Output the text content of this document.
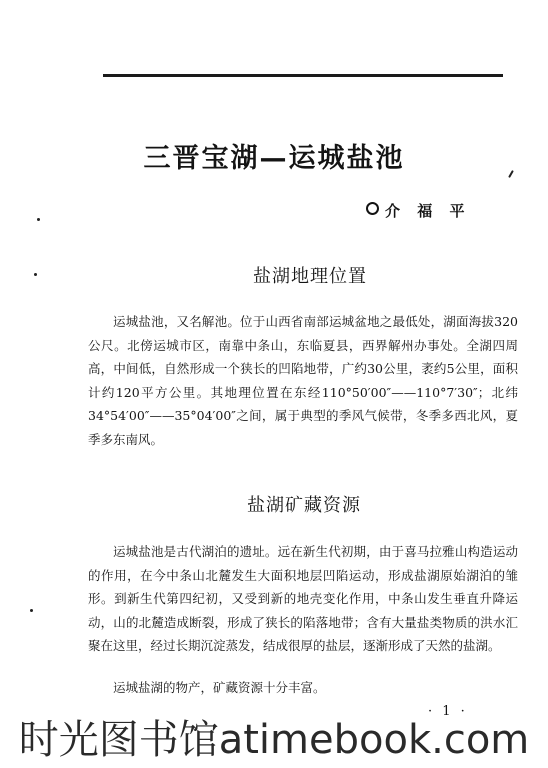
三晋宝湖—运城盐池
介 福 平
盐湖地理位置

运城盐池，又名解池。位于山西省南部运城盆地之最低处，湖面海拔320公尺。北傍运城市区，南靠中条山，东临夏县，西界解州办事处。全湖四周高，中间低，自然形成一个狭长的凹陷地带，广约30公里，袤约5公里，面积计约120平方公里。其地理位置在东经110°50′00″——110°7′30″；北纬34°54′00″——35°04′00″之间，属于典型的季风气候带，冬季多西北风，夏季多东南风。

盐湖矿藏资源

运城盐池是古代湖泊的遗址。远在新生代初期，由于喜马拉雅山构造运动的作用，在今中条山北麓发生大面积地层凹陷运动，形成盐湖原始湖泊的雏形。到新生代第四纪初，又受到新的地壳变化作用，中条山发生垂直升降运动，山的北麓造成断裂，形成了狭长的陷落地带；含有大量盐类物质的洪水汇聚在这里，经过长期沉淀蒸发，结成很厚的盐层，逐渐形成了天然的盐湖。

运城盐湖的物产，矿藏资源十分丰富。

· 1 ·
时光图书馆atimebook.com
